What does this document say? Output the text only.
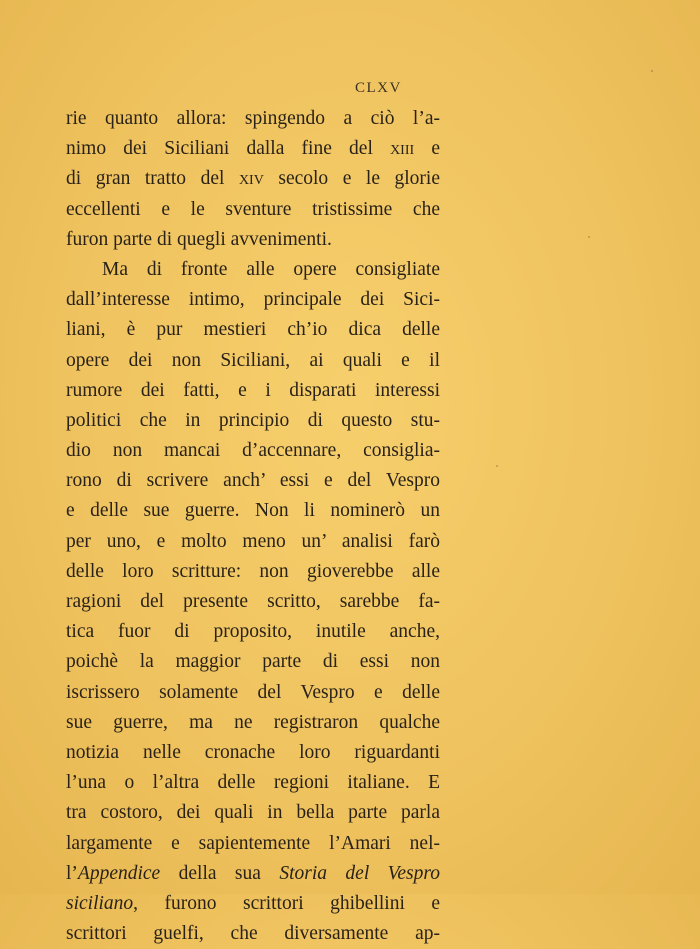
CLXV
rie quanto allora: spingendo a ciò l’a-
nimo dei Siciliani dalla fine del xiii e
di gran tratto del xiv secolo e le glorie
eccellenti e le sventure tristissime che
furon parte di quegli avvenimenti.
Ma di fronte alle opere consigliate
dall’interesse intimo, principale dei Sici-
liani, è pur mestieri ch’io dica delle
opere dei non Siciliani, ai quali e il
rumore dei fatti, e i disparati interessi
politici che in principio di questo stu-
dio non mancai d’accennare, consiglia-
rono di scrivere anch’ essi e del Vespro
e delle sue guerre. Non li nominerò un
per uno, e molto meno un’ analisi farò
delle loro scritture: non gioverebbe alle
ragioni del presente scritto, sarebbe fa-
tica fuor di proposito, inutile anche,
poichè la maggior parte di essi non
iscrissero solamente del Vespro e delle
sue guerre, ma ne registraron qualche
notizia nelle cronache loro riguardanti
l’una o l’altra delle regioni italiane. E
tra costoro, dei quali in bella parte parla
largamente e sapientemente l’Amari nel-
l’Appendice della sua Storia del Vespro
siciliano, furono scrittori ghibellini e
scrittori guelfi, che diversamente ap-
